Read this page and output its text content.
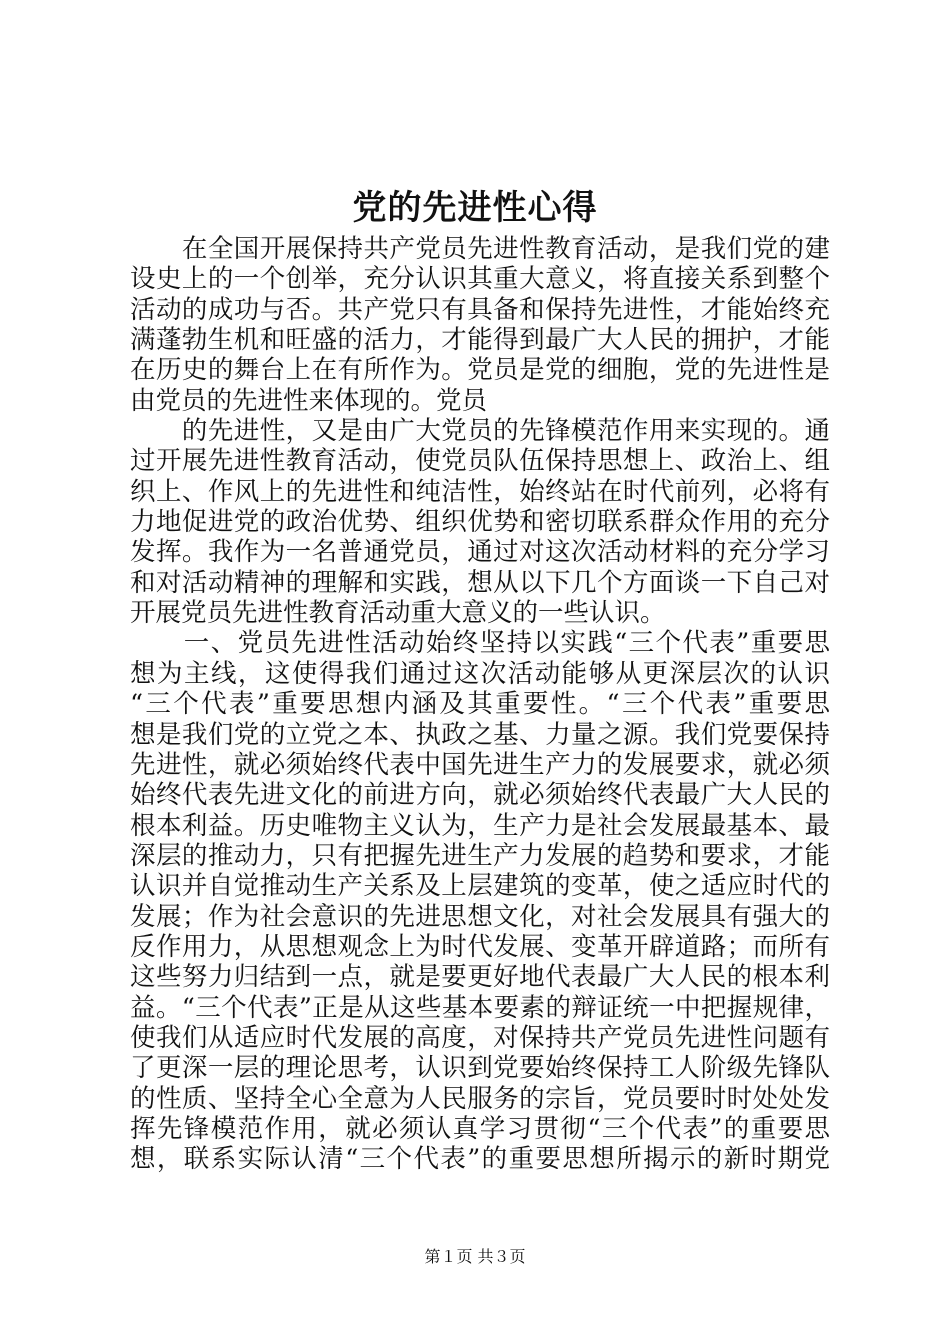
党的先进性心得
　　在全国开展保持共产党员先进性教育活动，是我们党的建
设史上的一个创举，充分认识其重大意义，将直接关系到整个
活动的成功与否。共产党只有具备和保持先进性，才能始终充
满蓬勃生机和旺盛的活力，才能得到最广大人民的拥护，才能
在历史的舞台上在有所作为。党员是党的细胞，党的先进性是
由党员的先进性来体现的。党员
　　的先进性，又是由广大党员的先锋模范作用来实现的。通
过开展先进性教育活动，使党员队伍保持思想上、政治上、组
织上、作风上的先进性和纯洁性，始终站在时代前列，必将有
力地促进党的政治优势、组织优势和密切联系群众作用的充分
发挥。我作为一名普通党员，通过对这次活动材料的充分学习
和对活动精神的理解和实践，想从以下几个方面谈一下自己对
开展党员先进性教育活动重大意义的一些认识。
　　一、党员先进性活动始终坚持以实践“三个代表”重要思
想为主线，这使得我们通过这次活动能够从更深层次的认识
“三个代表”重要思想内涵及其重要性。“三个代表”重要思
想是我们党的立党之本、执政之基、力量之源。我们党要保持
先进性，就必须始终代表中国先进生产力的发展要求，就必须
始终代表先进文化的前进方向，就必须始终代表最广大人民的
根本利益。历史唯物主义认为，生产力是社会发展最基本、最
深层的推动力，只有把握先进生产力发展的趋势和要求，才能
认识并自觉推动生产关系及上层建筑的变革，使之适应时代的
发展；作为社会意识的先进思想文化，对社会发展具有强大的
反作用力，从思想观念上为时代发展、变革开辟道路；而所有
这些努力归结到一点，就是要更好地代表最广大人民的根本利
益。“三个代表”正是从这些基本要素的辩证统一中把握规律，
使我们从适应时代发展的高度，对保持共产党员先进性问题有
了更深一层的理论思考，认识到党要始终保持工人阶级先锋队
的性质、坚持全心全意为人民服务的宗旨，党员要时时处处发
挥先锋模范作用，就必须认真学习贯彻“三个代表”的重要思
想，联系实际认清“三个代表”的重要思想所揭示的新时期党
第１页 共３页
